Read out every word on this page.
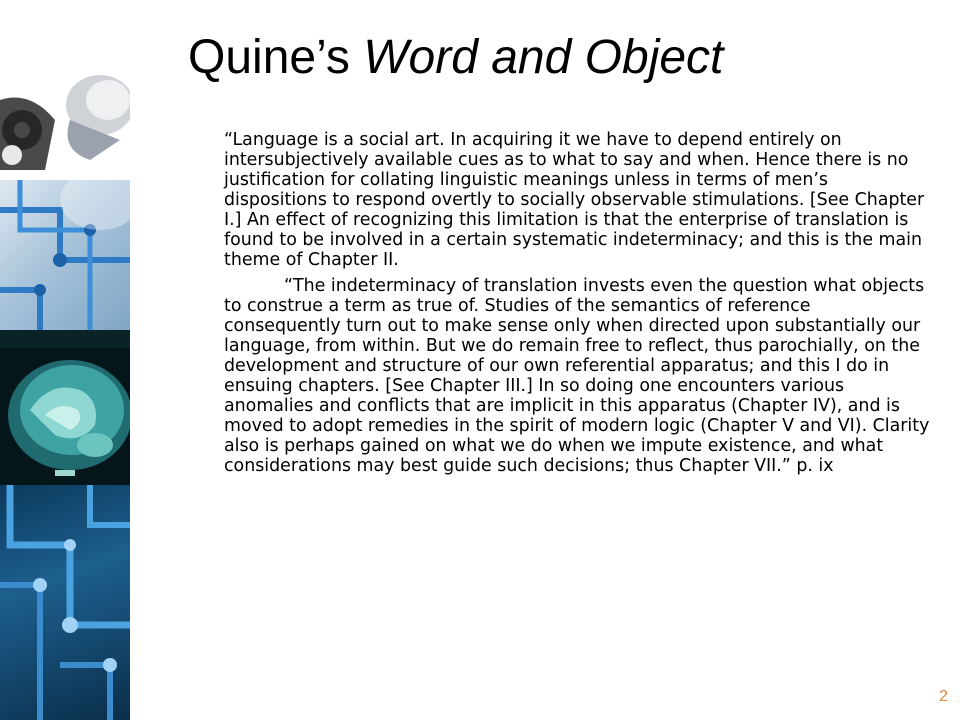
Quine’s Word and Object

“Language is a social art. In acquiring it we have to depend entirely on intersubjectively available cues as to what to say and when. Hence there is no justification for collating linguistic meanings unless in terms of men’s dispositions to respond overtly to socially observable stimulations. [See Chapter I.] An effect of recognizing this limitation is that the enterprise of translation is found to be involved in a certain systematic indeterminacy; and this is the main theme of Chapter II.

“The indeterminacy of translation invests even the question what objects to construe a term as true of. Studies of the semantics of reference consequently turn out to make sense only when directed upon substantially our language, from within. But we do remain free to reflect, thus parochially, on the development and structure of our own referential apparatus; and this I do in ensuing chapters. [See Chapter III.] In so doing one encounters various anomalies and conflicts that are implicit in this apparatus (Chapter IV), and is moved to adopt remedies in the spirit of modern logic (Chapter V and VI). Clarity also is perhaps gained on what we do when we impute existence, and what considerations may best guide such decisions; thus Chapter VII.” p. ix

2
